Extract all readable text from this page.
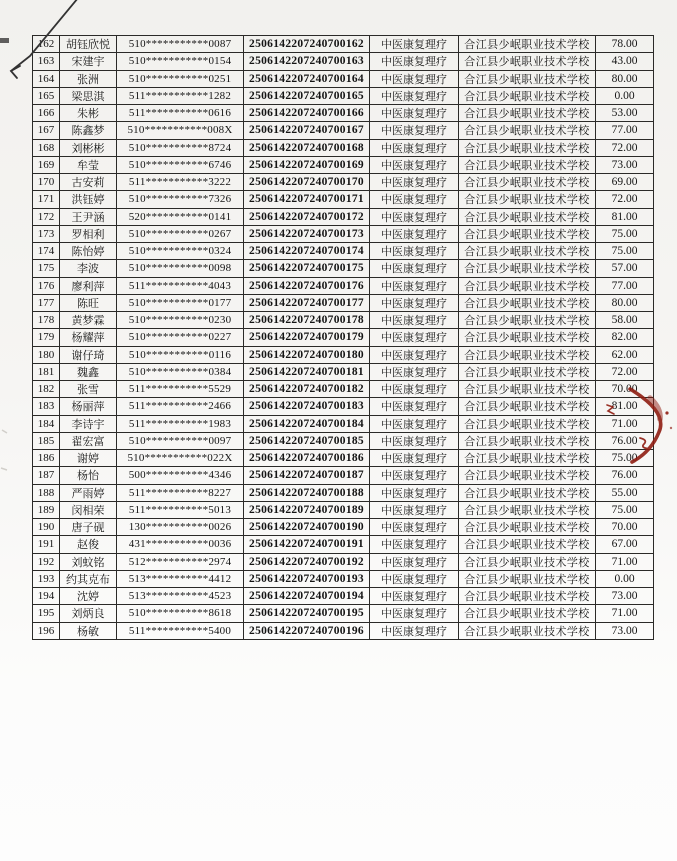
162	胡钰欣悦	510***********0087	2506142207240700162	中医康复理疗	合江县少岷职业技术学校	78.00
163	宋建宇	510***********0154	2506142207240700163	中医康复理疗	合江县少岷职业技术学校	43.00
164	张洲	510***********0251	2506142207240700164	中医康复理疗	合江县少岷职业技术学校	80.00
165	梁思淇	511***********1282	2506142207240700165	中医康复理疗	合江县少岷职业技术学校	0.00
166	朱彬	511***********0616	2506142207240700166	中医康复理疗	合江县少岷职业技术学校	53.00
167	陈鑫梦	510***********008X	2506142207240700167	中医康复理疗	合江县少岷职业技术学校	77.00
168	刘彬彬	510***********8724	2506142207240700168	中医康复理疗	合江县少岷职业技术学校	72.00
169	牟莹	510***********6746	2506142207240700169	中医康复理疗	合江县少岷职业技术学校	73.00
170	古安莉	511***********3222	2506142207240700170	中医康复理疗	合江县少岷职业技术学校	69.00
171	洪钰婷	510***********7326	2506142207240700171	中医康复理疗	合江县少岷职业技术学校	72.00
172	王尹涵	520***********0141	2506142207240700172	中医康复理疗	合江县少岷职业技术学校	81.00
173	罗相利	510***********0267	2506142207240700173	中医康复理疗	合江县少岷职业技术学校	75.00
174	陈怡婷	510***********0324	2506142207240700174	中医康复理疗	合江县少岷职业技术学校	75.00
175	李波	510***********0098	2506142207240700175	中医康复理疗	合江县少岷职业技术学校	57.00
176	廖利萍	511***********4043	2506142207240700176	中医康复理疗	合江县少岷职业技术学校	77.00
177	陈旺	510***********0177	2506142207240700177	中医康复理疗	合江县少岷职业技术学校	80.00
178	黄梦霖	510***********0230	2506142207240700178	中医康复理疗	合江县少岷职业技术学校	58.00
179	杨耀萍	510***********0227	2506142207240700179	中医康复理疗	合江县少岷职业技术学校	82.00
180	谢仔琦	510***********0116	2506142207240700180	中医康复理疗	合江县少岷职业技术学校	62.00
181	魏鑫	510***********0384	2506142207240700181	中医康复理疗	合江县少岷职业技术学校	72.00
182	张雪	511***********5529	2506142207240700182	中医康复理疗	合江县少岷职业技术学校	70.00
183	杨丽萍	511***********2466	2506142207240700183	中医康复理疗	合江县少岷职业技术学校	81.00
184	李诗宇	511***********1983	2506142207240700184	中医康复理疗	合江县少岷职业技术学校	71.00
185	翟宏富	510***********0097	2506142207240700185	中医康复理疗	合江县少岷职业技术学校	76.00
186	谢婷	510***********022X	2506142207240700186	中医康复理疗	合江县少岷职业技术学校	75.00
187	杨怡	500***********4346	2506142207240700187	中医康复理疗	合江县少岷职业技术学校	76.00
188	严雨婷	511***********8227	2506142207240700188	中医康复理疗	合江县少岷职业技术学校	55.00
189	闵相荣	511***********5013	2506142207240700189	中医康复理疗	合江县少岷职业技术学校	75.00
190	唐子砚	130***********0026	2506142207240700190	中医康复理疗	合江县少岷职业技术学校	70.00
191	赵俊	431***********0036	2506142207240700191	中医康复理疗	合江县少岷职业技术学校	67.00
192	刘蚊铭	512***********2974	2506142207240700192	中医康复理疗	合江县少岷职业技术学校	71.00
193	约其克布	513***********4412	2506142207240700193	中医康复理疗	合江县少岷职业技术学校	0.00
194	沈婷	513***********4523	2506142207240700194	中医康复理疗	合江县少岷职业技术学校	73.00
195	刘炳良	510***********8618	2506142207240700195	中医康复理疗	合江县少岷职业技术学校	71.00
196	杨敏	511***********5400	2506142207240700196	中医康复理疗	合江县少岷职业技术学校	73.00
